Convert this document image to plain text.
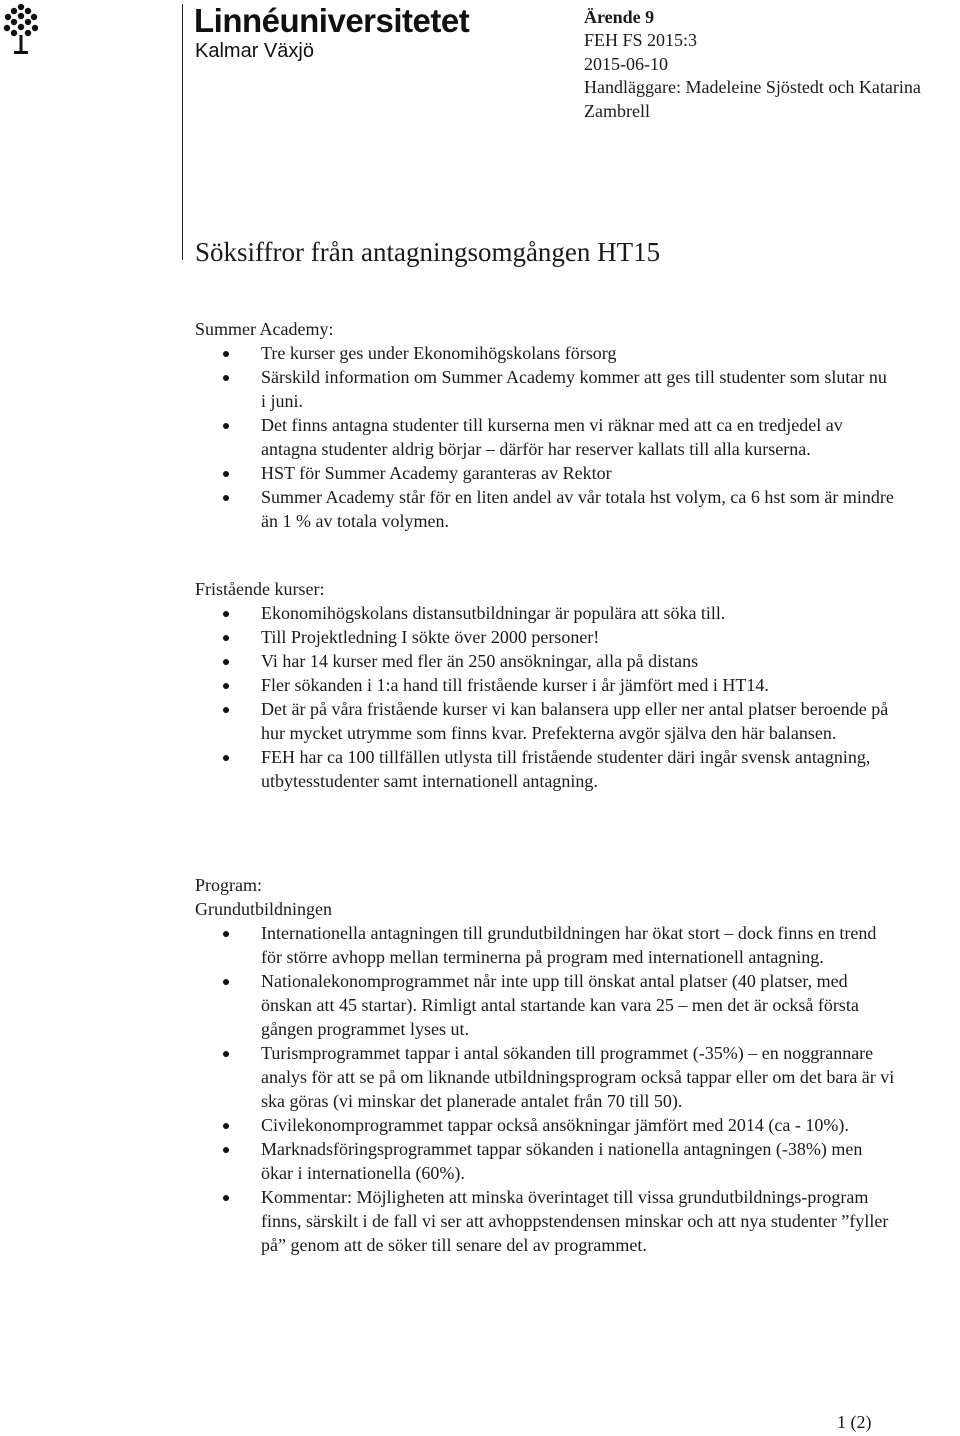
Linnéuniversitetet
Kalmar Växjö
Ärende 9
FEH FS 2015:3
2015-06-10
Handläggare: Madeleine Sjöstedt och Katarina Zambrell
Söksiffror från antagningsomgången HT15

Summer Academy:

Tre kurser ges under Ekonomihögskolans försorg
Särskild information om Summer Academy kommer att ges till studenter som slutar nu i juni.
Det finns antagna studenter till kurserna men vi räknar med att ca en tredjedel av antagna studenter aldrig börjar – därför har reserver kallats till alla kurserna.
HST för Summer Academy garanteras av Rektor
Summer Academy står för en liten andel av vår totala hst volym, ca 6 hst som är mindre än 1 % av totala volymen.

Fristående kurser:

Ekonomihögskolans distansutbildningar är populära att söka till.
Till Projektledning I sökte över 2000 personer!
Vi har 14 kurser med fler än 250 ansökningar, alla på distans
Fler sökanden i 1:a hand till fristående kurser i år jämfört med i HT14.
Det är på våra fristående kurser vi kan balansera upp eller ner antal platser beroende på hur mycket utrymme som finns kvar. Prefekterna avgör själva den här balansen.
FEH har ca 100 tillfällen utlysta till fristående studenter däri ingår svensk antagning, utbytesstudenter samt internationell antagning.

Program:

Grundutbildningen

Internationella antagningen till grundutbildningen har ökat stort – dock finns en trend för större avhopp mellan terminerna på program med internationell antagning.
Nationalekonomprogrammet når inte upp till önskat antal platser (40 platser, med önskan att 45 startar). Rimligt antal startande kan vara 25 – men det är också första gången programmet lyses ut.
Turismprogrammet tappar i antal sökanden till programmet (-35%) – en noggrannare analys för att se på om liknande utbildningsprogram också tappar eller om det bara är vi ska göras (vi minskar det planerade antalet från 70 till 50).
Civilekonomprogrammet tappar också ansökningar jämfört med 2014 (ca - 10%).
Marknadsföringsprogrammet tappar sökanden i nationella antagningen (-38%) men ökar i internationella (60%).
Kommentar: Möjligheten att minska överintaget till vissa grundutbildnings-program finns, särskilt i de fall vi ser att avhoppstendensen minskar och att nya studenter ”fyller på” genom att de söker till senare del av programmet.
1 (2)
